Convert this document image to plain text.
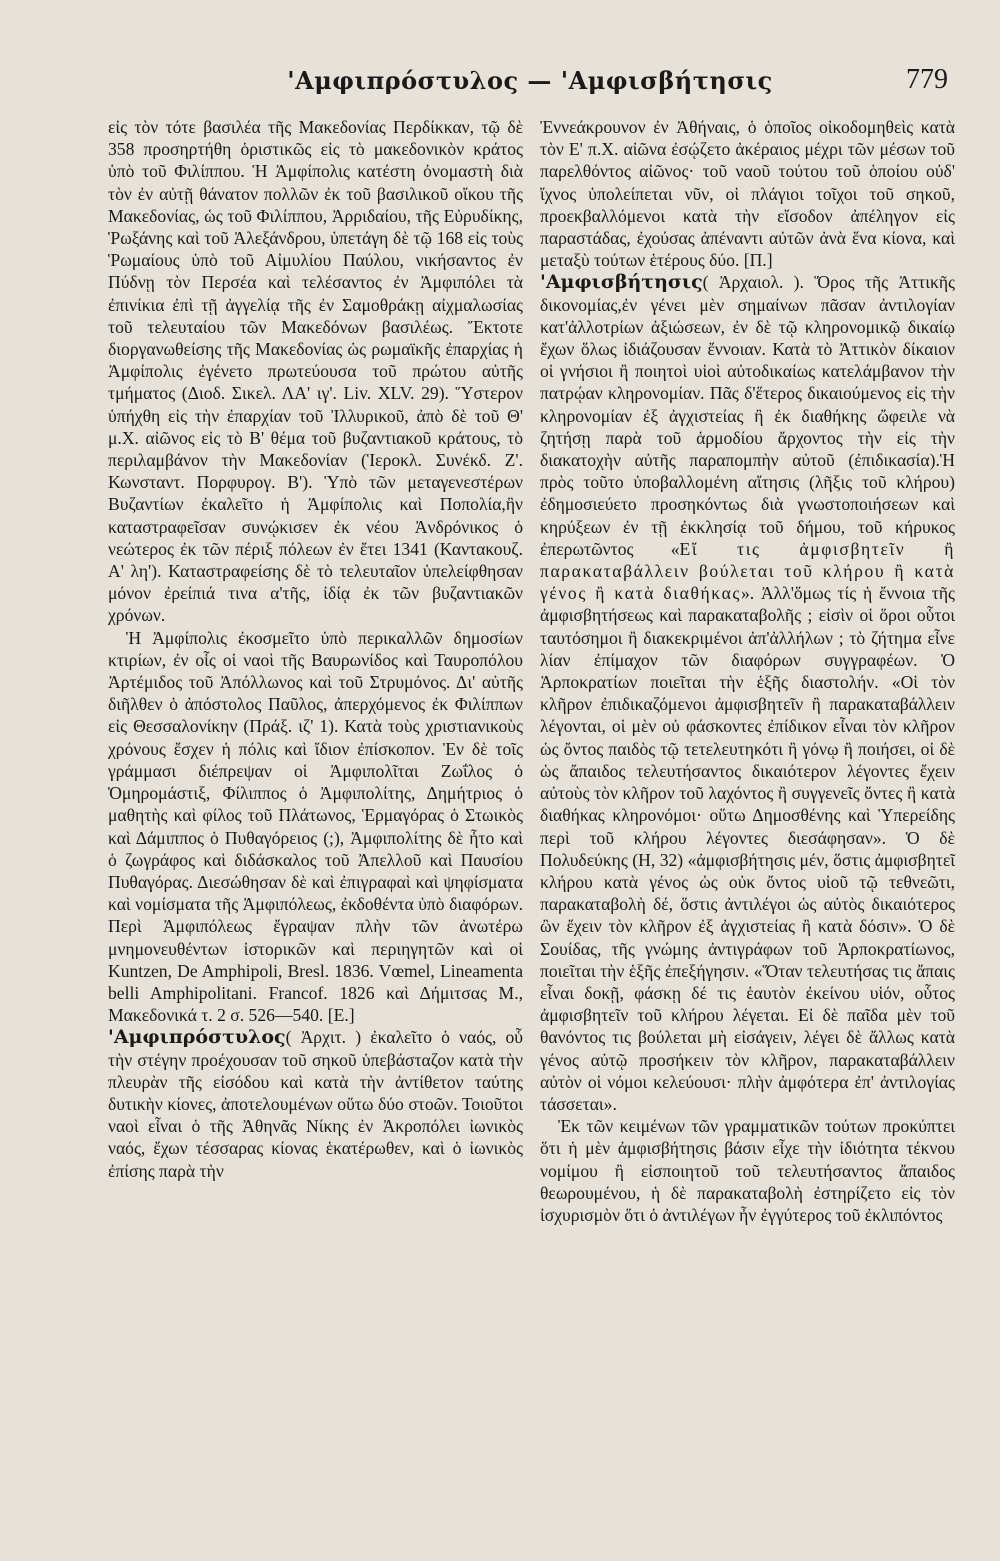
'Αμφιπρόστυλος — 'Αμφισβήτησις	779

εἰς τὸν τότε βασιλέα τῆς Μακεδονίας Περδίκκαν, τῷ δὲ 358 προσηρτήθη ὁριστικῶς εἰς τὸ μακεδονικὸν κράτος ὑπὸ τοῦ Φιλίππου. Ἡ Ἀμφίπολις κατέστη ὀνομαστὴ διὰ τὸν ἐν αὐτῇ θάνατον πολλῶν ἐκ τοῦ βασιλικοῦ οἴκου τῆς Μακεδονίας, ὡς τοῦ Φιλίππου, Ἀρριδαίου, τῆς Εὐρυδίκης, Ῥωξάνης καὶ τοῦ Ἀλεξάνδρου, ὑπετάγη δὲ τῷ 168 εἰς τοὺς Ῥωμαίους ὑπὸ τοῦ Αἰμυλίου Παύλου, νικήσαντος ἐν Πύδνῃ τὸν Περσέα καὶ τελέσαντος ἐν Ἀμφιπόλει τὰ ἐπινίκια ἐπὶ τῇ ἀγγελίᾳ τῆς ἐν Σαμοθράκῃ αἰχμαλωσίας τοῦ τελευταίου τῶν Μακεδόνων βασιλέως. Ἔκτοτε διοργανωθείσης τῆς Μακεδονίας ὡς ρωμαϊκῆς ἐπαρχίας ἡ Ἀμφίπολις ἐγένετο πρωτεύουσα τοῦ πρώτου αὐτῆς τμήματος (Διοδ. Σικελ. ΛΑ' ιγ'. Liv. XLV. 29). Ὕστερον ὑπήχθη εἰς τὴν ἐπαρχίαν τοῦ Ἰλλυρικοῦ, ἀπὸ δὲ τοῦ Θ' μ.Χ. αἰῶνος εἰς τὸ Β' θέμα τοῦ βυζαντιακοῦ κράτους, τὸ περιλαμβάνον τὴν Μακεδονίαν (Ἱεροκλ. Συνέκδ. Ζ'. Κωνσταντ. Πορφυρογ. Β'). Ὑπὸ τῶν μεταγενεστέρων Βυζαντίων ἐκαλεῖτο ἡ Ἀμφίπολις καὶ Ποπολία,ἣν καταστραφεῖσαν συνῴκισεν ἐκ νέου Ἀνδρόνικος ὁ νεώτερος ἐκ τῶν πέριξ πόλεων ἐν ἔτει 1341 (Καντακουζ. Α' λη'). Καταστραφείσης δὲ τὸ τελευταῖον ὑπελείφθησαν μόνον ἐρείπιά τινα α'τῆς, ἰδίᾳ ἐκ τῶν βυζαντιακῶν χρόνων.

Ἡ Ἀμφίπολις ἐκοσμεῖτο ὑπὸ περικαλλῶν δημοσίων κτιρίων, ἐν οἷς οἱ ναοὶ τῆς Βαυρωνίδος καὶ Ταυροπόλου Ἀρτέμιδος τοῦ Ἀπόλλωνος καὶ τοῦ Στρυμόνος. Δι' αὐτῆς διῆλθεν ὁ ἀπόστολος Παῦλος, ἀπερχόμενος ἐκ Φιλίππων εἰς Θεσσαλονίκην (Πράξ. ιζ' 1). Κατὰ τοὺς χριστιανικοὺς χρόνους ἔσχεν ἡ πόλις καὶ ἴδιον ἐπίσκοπον. Ἐν δὲ τοῖς γράμμασι διέπρεψαν οἱ Ἀμφιπολῖται Ζωΐλος ὁ Ὁμηρομάστιξ, Φίλιππος ὁ Ἀμφιπολίτης, Δημήτριος ὁ μαθητὴς καὶ φίλος τοῦ Πλάτωνος, Ἑρμαγόρας ὁ Στωικὸς καὶ Δάμιππος ὁ Πυθαγόρειος (;), Ἀμφιπολίτης δὲ ἦτο καὶ ὁ ζωγράφος καὶ διδάσκαλος τοῦ Ἀπελλοῦ καὶ Παυσίου Πυθαγόρας. Διεσώθησαν δὲ καὶ ἐπιγραφαὶ καὶ ψηφίσματα καὶ νομίσματα τῆς Ἀμφιπόλεως, ἐκδοθέντα ὑπὸ διαφόρων. Περὶ Ἀμφιπόλεως ἔγραψαν πλὴν τῶν ἀνωτέρω μνημονευθέντων ἱστορικῶν καὶ περιηγητῶν καὶ οἱ Kuntzen, De Amphipoli, Bresl. 1836. Vœmel, Lineamenta belli Amphipolitani. Francof. 1826 καὶ Δήμιτσας Μ., Μακεδονικά τ. 2 σ. 526—540. [Ε.]

'Αμφιπρόστυλος( Ἀρχιτ. ) ἐκαλεῖτο ὁ ναός, οὗ τὴν στέγην προέχουσαν τοῦ σηκοῦ ὑπεβάσταζον κατὰ τὴν πλευρὰν τῆς εἰσόδου καὶ κατὰ τὴν ἀντίθετον ταύτης δυτικὴν κίονες, ἀποτελουμένων οὕτω δύο στοῶν. Τοιοῦτοι ναοὶ εἶναι ὁ τῆς Ἀθηνᾶς Νίκης ἐν Ἀκροπόλει ἰωνικὸς ναός, ἔχων τέσσαρας κίονας ἑκατέρωθεν, καὶ ὁ ἰωνικὸς ἐπίσης παρὰ τὴν

Ἐννεάκρουνον ἐν Ἀθήναις, ὁ ὁποῖος οἰκοδομηθεὶς κατὰ τὸν Ε' π.Χ. αἰῶνα ἐσῴζετο ἀκέραιος μέχρι τῶν μέσων τοῦ παρελθόντος αἰῶνος· τοῦ ναοῦ τούτου τοῦ ὁποίου οὐδ' ἴχνος ὑπολείπεται νῦν, οἱ πλάγιοι τοῖχοι τοῦ σηκοῦ, προεκβαλλόμενοι κατὰ τὴν εἴσοδον ἀπέληγον εἰς παραστάδας, ἐχούσας ἀπέναντι αὐτῶν ἀνὰ ἕνα κίονα, καὶ μεταξὺ τούτων ἑτέρους δύο. [Π.]

'Αμφισβήτησις( Ἀρχαιολ. ). Ὅρος τῆς Ἀττικῆς δικονομίας,ἐν γένει μὲν σημαίνων πᾶσαν ἀντιλογίαν κατ'ἀλλοτρίων ἀξιώσεων, ἐν δὲ τῷ κληρονομικῷ δικαίῳ ἔχων ὅλως ἰδιάζουσαν ἔννοιαν. Κατὰ τὸ Ἀττικὸν δίκαιον οἱ γνήσιοι ἢ ποιητοὶ υἱοὶ αὐτοδικαίως κατελάμβανον τὴν πατρῴαν κληρονομίαν. Πᾶς δ'ἕτερος δικαιούμενος εἰς τὴν κληρονομίαν ἐξ ἀγχιστείας ἢ ἐκ διαθήκης ὤφειλε νὰ ζητήσῃ παρὰ τοῦ ἁρμοδίου ἄρχοντος τὴν εἰς τὴν διακατοχὴν αὐτῆς παραπομπὴν αὐτοῦ (ἐπιδικασία).Ἡ πρὸς τοῦτο ὑποβαλλομένη αἴτησις (λῆξις τοῦ κλήρου) ἐδημοσιεύετο προσηκόντως διὰ γνωστοποιήσεων καὶ κηρύξεων ἐν τῇ ἐκκλησίᾳ τοῦ δήμου, τοῦ κήρυκος ἐπερωτῶντος «Εἴ τις ἀμφισβητεῖν ἢ παρακαταβάλλειν βούλεται τοῦ κλήρου ἢ κατὰ γένος ἢ κατὰ διαθήκας». Ἀλλ'ὅμως τίς ἡ ἔννοια τῆς ἀμφισβητήσεως καὶ παρακαταβολῆς ; εἰσὶν οἱ ὅροι οὗτοι ταυτόσημοι ἢ διακεκριμένοι ἀπ'ἀλλήλων ; τὸ ζήτημα εἶνε λίαν ἐπίμαχον τῶν διαφόρων συγγραφέων. Ὁ Ἁρποκρατίων ποιεῖται τὴν ἑξῆς διαστολήν. «Οἱ τὸν κλῆρον ἐπιδικαζόμενοι ἀμφισβητεῖν ἢ παρακαταβάλλειν λέγονται, οἱ μὲν οὐ φάσκοντες ἐπίδικον εἶναι τὸν κλῆρον ὡς ὄντος παιδὸς τῷ τετελευτηκότι ἢ γόνῳ ἢ ποιήσει, οἱ δὲ ὡς ἄπαιδος τελευτήσαντος δικαιότερον λέγοντες ἔχειν αὐτοὺς τὸν κλῆρον τοῦ λαχόντος ἢ συγγενεῖς ὄντες ἢ κατὰ διαθήκας κληρονόμοι· οὕτω Δημοσθένης καὶ Ὑπερείδης περὶ τοῦ κλήρου λέγοντες διεσάφησαν». Ὁ δὲ Πολυδεύκης (Η, 32) «ἀμφισβήτησις μέν, ὅστις ἀμφισβητεῖ κλήρου κατὰ γένος ὡς οὐκ ὄντος υἱοῦ τῷ τεθνεῶτι, παρακαταβολὴ δέ, ὅστις ἀντιλέγοι ὡς αὐτὸς δικαιότερος ὢν ἔχειν τὸν κλῆρον ἐξ ἀγχιστείας ἢ κατὰ δόσιν». Ὁ δὲ Σουίδας, τῆς γνώμης ἀντιγράφων τοῦ Ἁρποκρατίωνος, ποιεῖται τὴν ἑξῆς ἐπεξήγησιν. «Ὅταν τελευτήσας τις ἄπαις εἶναι δοκῇ, φάσκῃ δέ τις ἑαυτὸν ἐκείνου υἱόν, οὗτος ἀμφισβητεῖν τοῦ κλήρου λέγεται. Εἰ δὲ παῖδα μὲν τοῦ θανόντος τις βούλεται μὴ εἰσάγειν, λέγει δὲ ἄλλως κατὰ γένος αὐτῷ προσήκειν τὸν κλῆρον, παρακαταβάλλειν αὐτὸν οἱ νόμοι κελεύουσι· πλὴν ἀμφότερα ἐπ' ἀντιλογίας τάσσεται».

Ἐκ τῶν κειμένων τῶν γραμματικῶν τούτων προκύπτει ὅτι ἡ μὲν ἀμφισβήτησις βάσιν εἶχε τὴν ἰδιότητα τέκνου νομίμου ἢ εἰσποιητοῦ τοῦ τελευτήσαντος ἄπαιδος θεωρουμένου, ἡ δὲ παρακαταβολὴ ἐστηρίζετο εἰς τὸν ἰσχυρισμὸν ὅτι ὁ ἀντιλέγων ἦν ἐγγύτερος τοῦ ἐκλιπόντος
